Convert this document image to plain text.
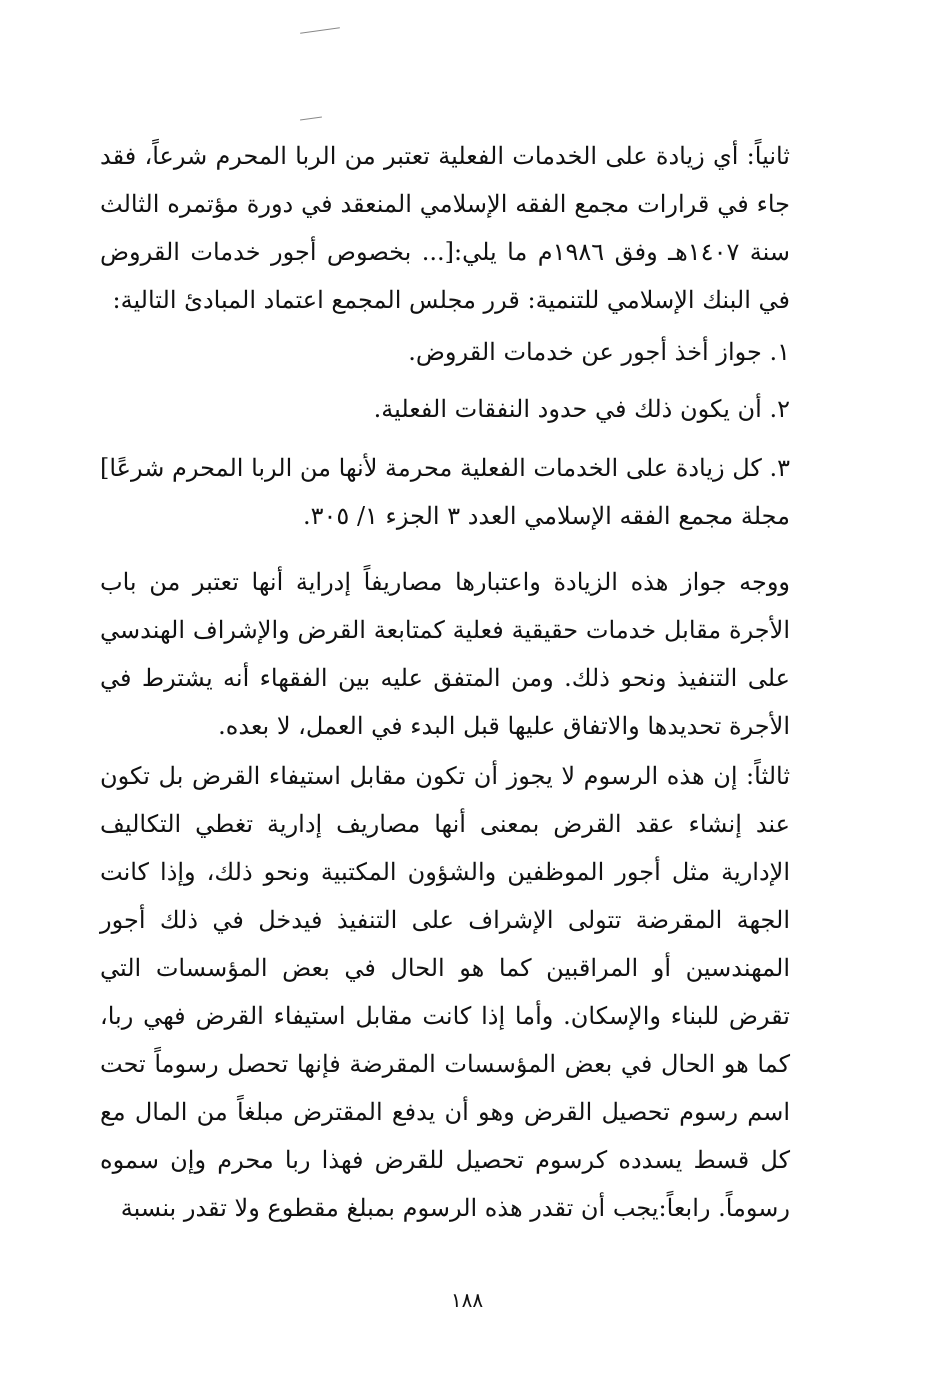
ثانياً: أي زيادة على الخدمات الفعلية تعتبر من الربا المحرم شرعاً، فقد جاء في قرارات مجمع الفقه الإسلامي المنعقد في دورة مؤتمره الثالث سنة ١٤٠٧هـ وفق ١٩٨٦م ما يلي:[... بخصوص أجور خدمات القروض في البنك الإسلامي للتنمية: قرر مجلس المجمع اعتماد المبادئ التالية:

١. جواز أخذ أجور عن خدمات القروض.

٢. أن يكون ذلك في حدود النفقات الفعلية.

٣. كل زيادة على الخدمات الفعلية محرمة لأنها من الربا المحرم شرعًا] مجلة مجمع الفقه الإسلامي العدد ٣ الجزء ١/ ٣٠٥.

ووجه جواز هذه الزيادة واعتبارها مصاريفاً إدراية أنها تعتبر من باب الأجرة مقابل خدمات حقيقية فعلية كمتابعة القرض والإشراف الهندسي على التنفيذ ونحو ذلك. ومن المتفق عليه بين الفقهاء أنه يشترط في الأجرة تحديدها والاتفاق عليها قبل البدء في العمل، لا بعده.

ثالثاً: إن هذه الرسوم لا يجوز أن تكون مقابل استيفاء القرض بل تكون عند إنشاء عقد القرض بمعنى أنها مصاريف إدارية تغطي التكاليف الإدارية مثل أجور الموظفين والشؤون المكتبية ونحو ذلك، وإذا كانت الجهة المقرضة تتولى الإشراف على التنفيذ فيدخل في ذلك أجور المهندسين أو المراقبين كما هو الحال في بعض المؤسسات التي تقرض للبناء والإسكان. وأما إذا كانت مقابل استيفاء القرض فهي ربا، كما هو الحال في بعض المؤسسات المقرضة فإنها تحصل رسوماً تحت اسم رسوم تحصيل القرض وهو أن يدفع المقترض مبلغاً من المال مع كل قسط يسدده كرسوم تحصيل للقرض فهذا ربا محرم وإن سموه رسوماً. رابعاً:يجب أن تقدر هذه الرسوم بمبلغ مقطوع ولا تقدر بنسبة

١٨٨
